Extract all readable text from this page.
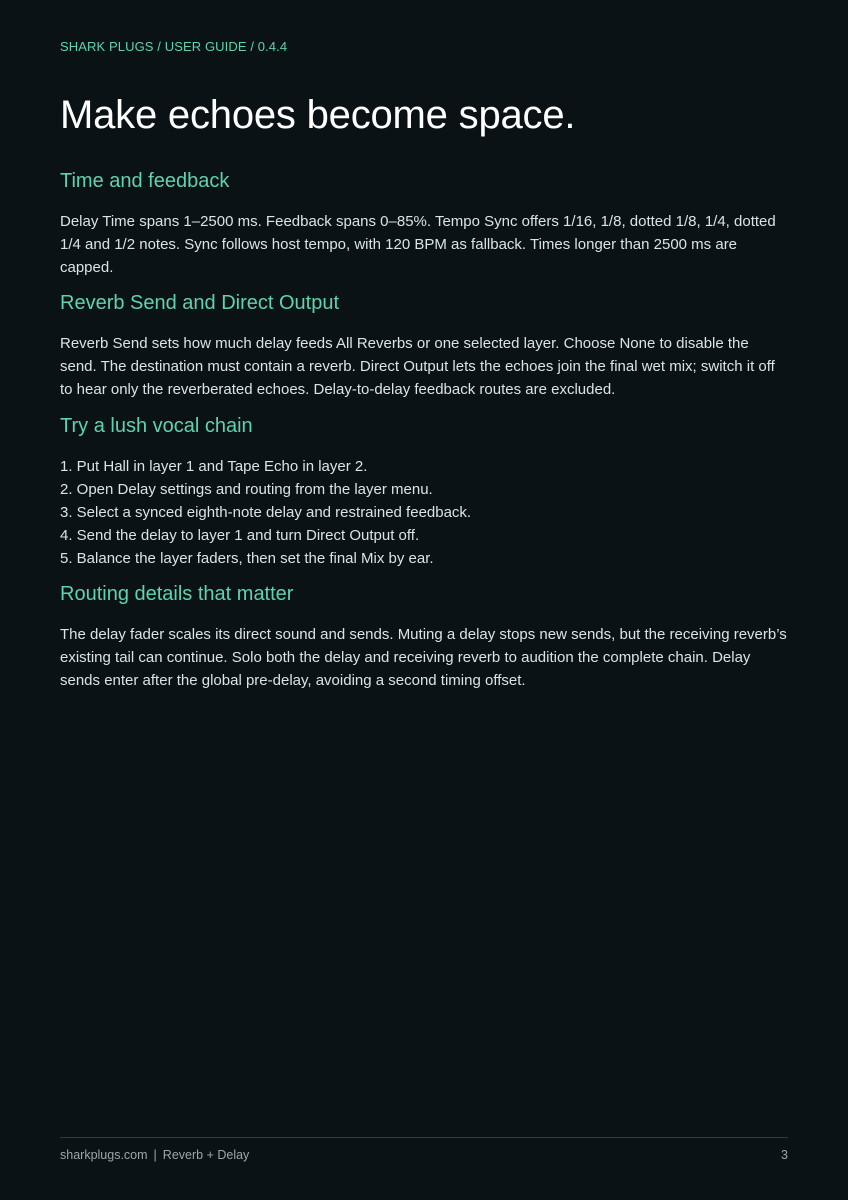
SHARK PLUGS / USER GUIDE / 0.4.4
Make echoes become space.
Time and feedback

Delay Time spans 1–2500 ms. Feedback spans 0–85%. Tempo Sync offers 1/16, 1/8, dotted 1/8, 1/4, dotted 1/4 and 1/2 notes. Sync follows host tempo, with 120 BPM as fallback. Times longer than 2500 ms are capped.

Reverb Send and Direct Output

Reverb Send sets how much delay feeds All Reverbs or one selected layer. Choose None to disable the send. The destination must contain a reverb. Direct Output lets the echoes join the final wet mix; switch it off to hear only the reverberated echoes. Delay-to-delay feedback routes are excluded.

Try a lush vocal chain
1. Put Hall in layer 1 and Tape Echo in layer 2.
2. Open Delay settings and routing from the layer menu.
3. Select a synced eighth-note delay and restrained feedback.
4. Send the delay to layer 1 and turn Direct Output off.
5. Balance the layer faders, then set the final Mix by ear.
Routing details that matter

The delay fader scales its direct sound and sends. Muting a delay stops new sends, but the receiving reverb’s existing tail can continue. Solo both the delay and receiving reverb to audition the complete chain. Delay sends enter after the global pre-delay, avoiding a second timing offset.

sharkplugs.com | Reverb + Delay	3
